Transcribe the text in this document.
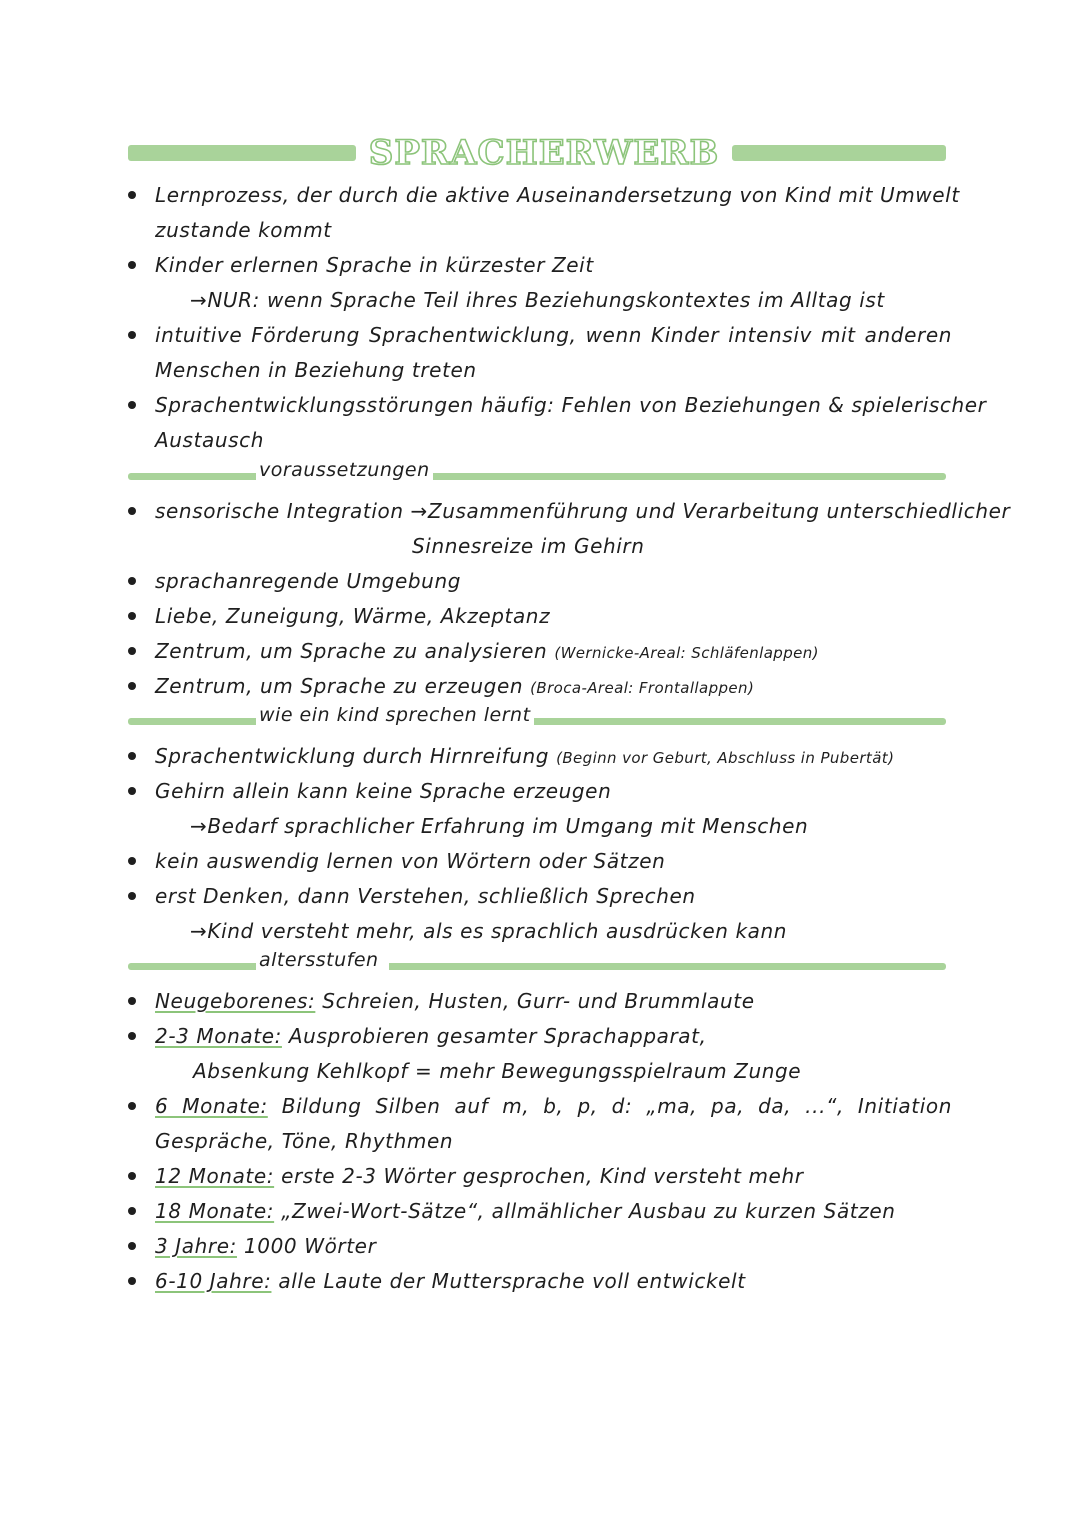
SPRACHERWERB
Lernprozess, der durch die aktive Auseinandersetzung von Kind mit Umwelt
zustande kommt
Kinder erlernen Sprache in kürzester Zeit
→NUR: wenn Sprache Teil ihres Beziehungskontextes im Alltag ist
intuitive Förderung Sprachentwicklung, wenn Kinder intensiv mit anderen
Menschen in Beziehung treten
Sprachentwicklungsstörungen häufig: Fehlen von Beziehungen & spielerischer
Austausch
voraussetzungen
sensorische Integration →Zusammenführung und Verarbeitung unterschiedlicher
Sinnesreize im Gehirn
sprachanregende Umgebung
Liebe, Zuneigung, Wärme, Akzeptanz
Zentrum, um Sprache zu analysieren (Wernicke-Areal: Schläfenlappen)
Zentrum, um Sprache zu erzeugen (Broca-Areal: Frontallappen)
wie ein kind sprechen lernt
Sprachentwicklung durch Hirnreifung (Beginn vor Geburt, Abschluss in Pubertät)
Gehirn allein kann keine Sprache erzeugen
→Bedarf sprachlicher Erfahrung im Umgang mit Menschen
kein auswendig lernen von Wörtern oder Sätzen
erst Denken, dann Verstehen, schließlich Sprechen
→Kind versteht mehr, als es sprachlich ausdrücken kann
altersstufen
Neugeborenes: Schreien, Husten, Gurr- und Brummlaute
2-3 Monate: Ausprobieren gesamter Sprachapparat,
Absenkung Kehlkopf = mehr Bewegungsspielraum Zunge
6 Monate: Bildung Silben auf m, b, p, d: „ma, pa, da, ...“, Initiation
Gespräche, Töne, Rhythmen
12 Monate: erste 2-3 Wörter gesprochen, Kind versteht mehr
18 Monate: „Zwei-Wort-Sätze“, allmählicher Ausbau zu kurzen Sätzen
3 Jahre: 1000 Wörter
6-10 Jahre: alle Laute der Muttersprache voll entwickelt
